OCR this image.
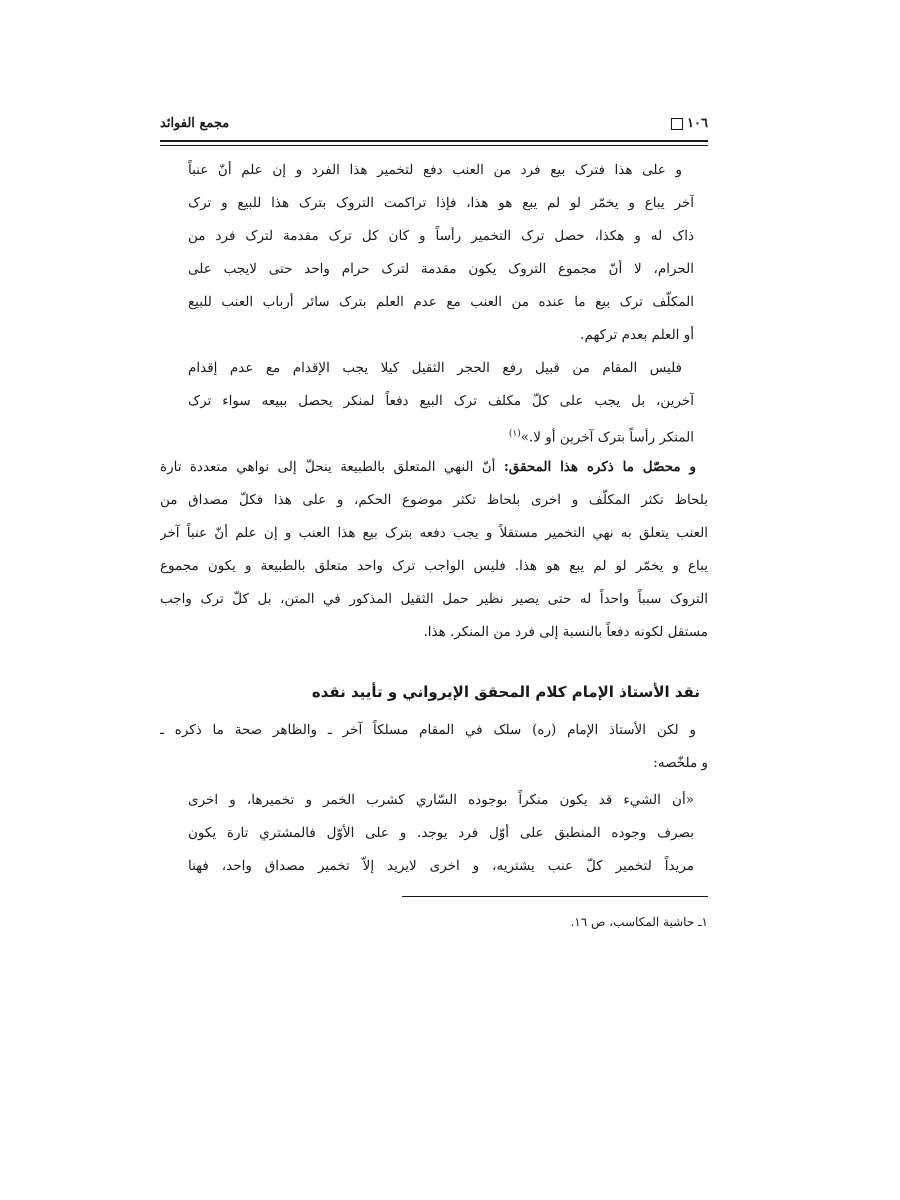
١٠٦
مجمع الفوائد
و على هذا فترک بيع فرد من العنب دفع لتخمير هذا الفرد و إن علم أنّ عنباً
آخر يباع و يخمّر لو لم يبع هو هذا، فإذا تراکمت التروک بترک هذا للبيع و ترک
ذاک له و هکذا، حصل ترک التخمير رأساً و کان کل ترک مقدمة لترک فرد من
الحرام، لا أنّ مجموع التروک يکون مقدمة لترک حرام واحد حتى لايجب على
المکلّف ترک بيع ما عنده من العنب مع عدم العلم بترک سائر أرباب العنب للبيع
أو العلم بعدم ترکهم.
فليس المقام من قبيل رفع الحجر الثقيل کيلا يجب الإقدام مع عدم إقدام
آخرين، بل يجب على کلّ مکلف ترک البيع دفعاً لمنکر يحصل ببيعه سواء ترک
المنکر رأساً بترک آخرين أو لا.»$^{(١)}$
و محصّل ما ذکره هذا المحقق: أنّ النهي المتعلق بالطبيعة ينحلّ إلى نواهي متعددة تارة
بلحاظ تکثر المکلّف و اخرى بلحاظ تکثر موضوع الحکم، و على هذا فکلّ مصداق من
العنب يتعلق به نهي التخمير مستقلاً و يجب دفعه بترک بيع هذا العنب و إن علم أنّ عنباً آخر
يباع و يخمّر لو لم يبع هو هذا. فليس الواجب ترک واحد متعلق بالطبيعة و يکون مجموع
التروک سبباً واحداً له حتى يصير نظير حمل الثقيل المذکور في المتن، بل کلّ ترک واجب
مستقل لکونه دفعاً بالنسبة إلى فرد من المنکر. هذا.
نقد الأستاذ الإمام کلام المحقق الإيرواني و تأييد نقده
و لکن الأستاذ الإمام (ره) سلک في المقام مسلکاً آخر ـ والظاهر صحة ما ذکره ـ
و ملخّصه:
«أن الشيء قد يکون منکراً بوجوده السّاري کشرب الخمر و تخميرها، و اخرى
بصرف وجوده المنطبق على أوّل فرد يوجد. و على الأوّل فالمشتري تارة يکون
مريداً لتخمير کلّ عنب يشتريه، و اخرى لايريد إلاّ تخمير مصداق واحد، فهنا
١ـ حاشية المکاسب، ص ١٦.
